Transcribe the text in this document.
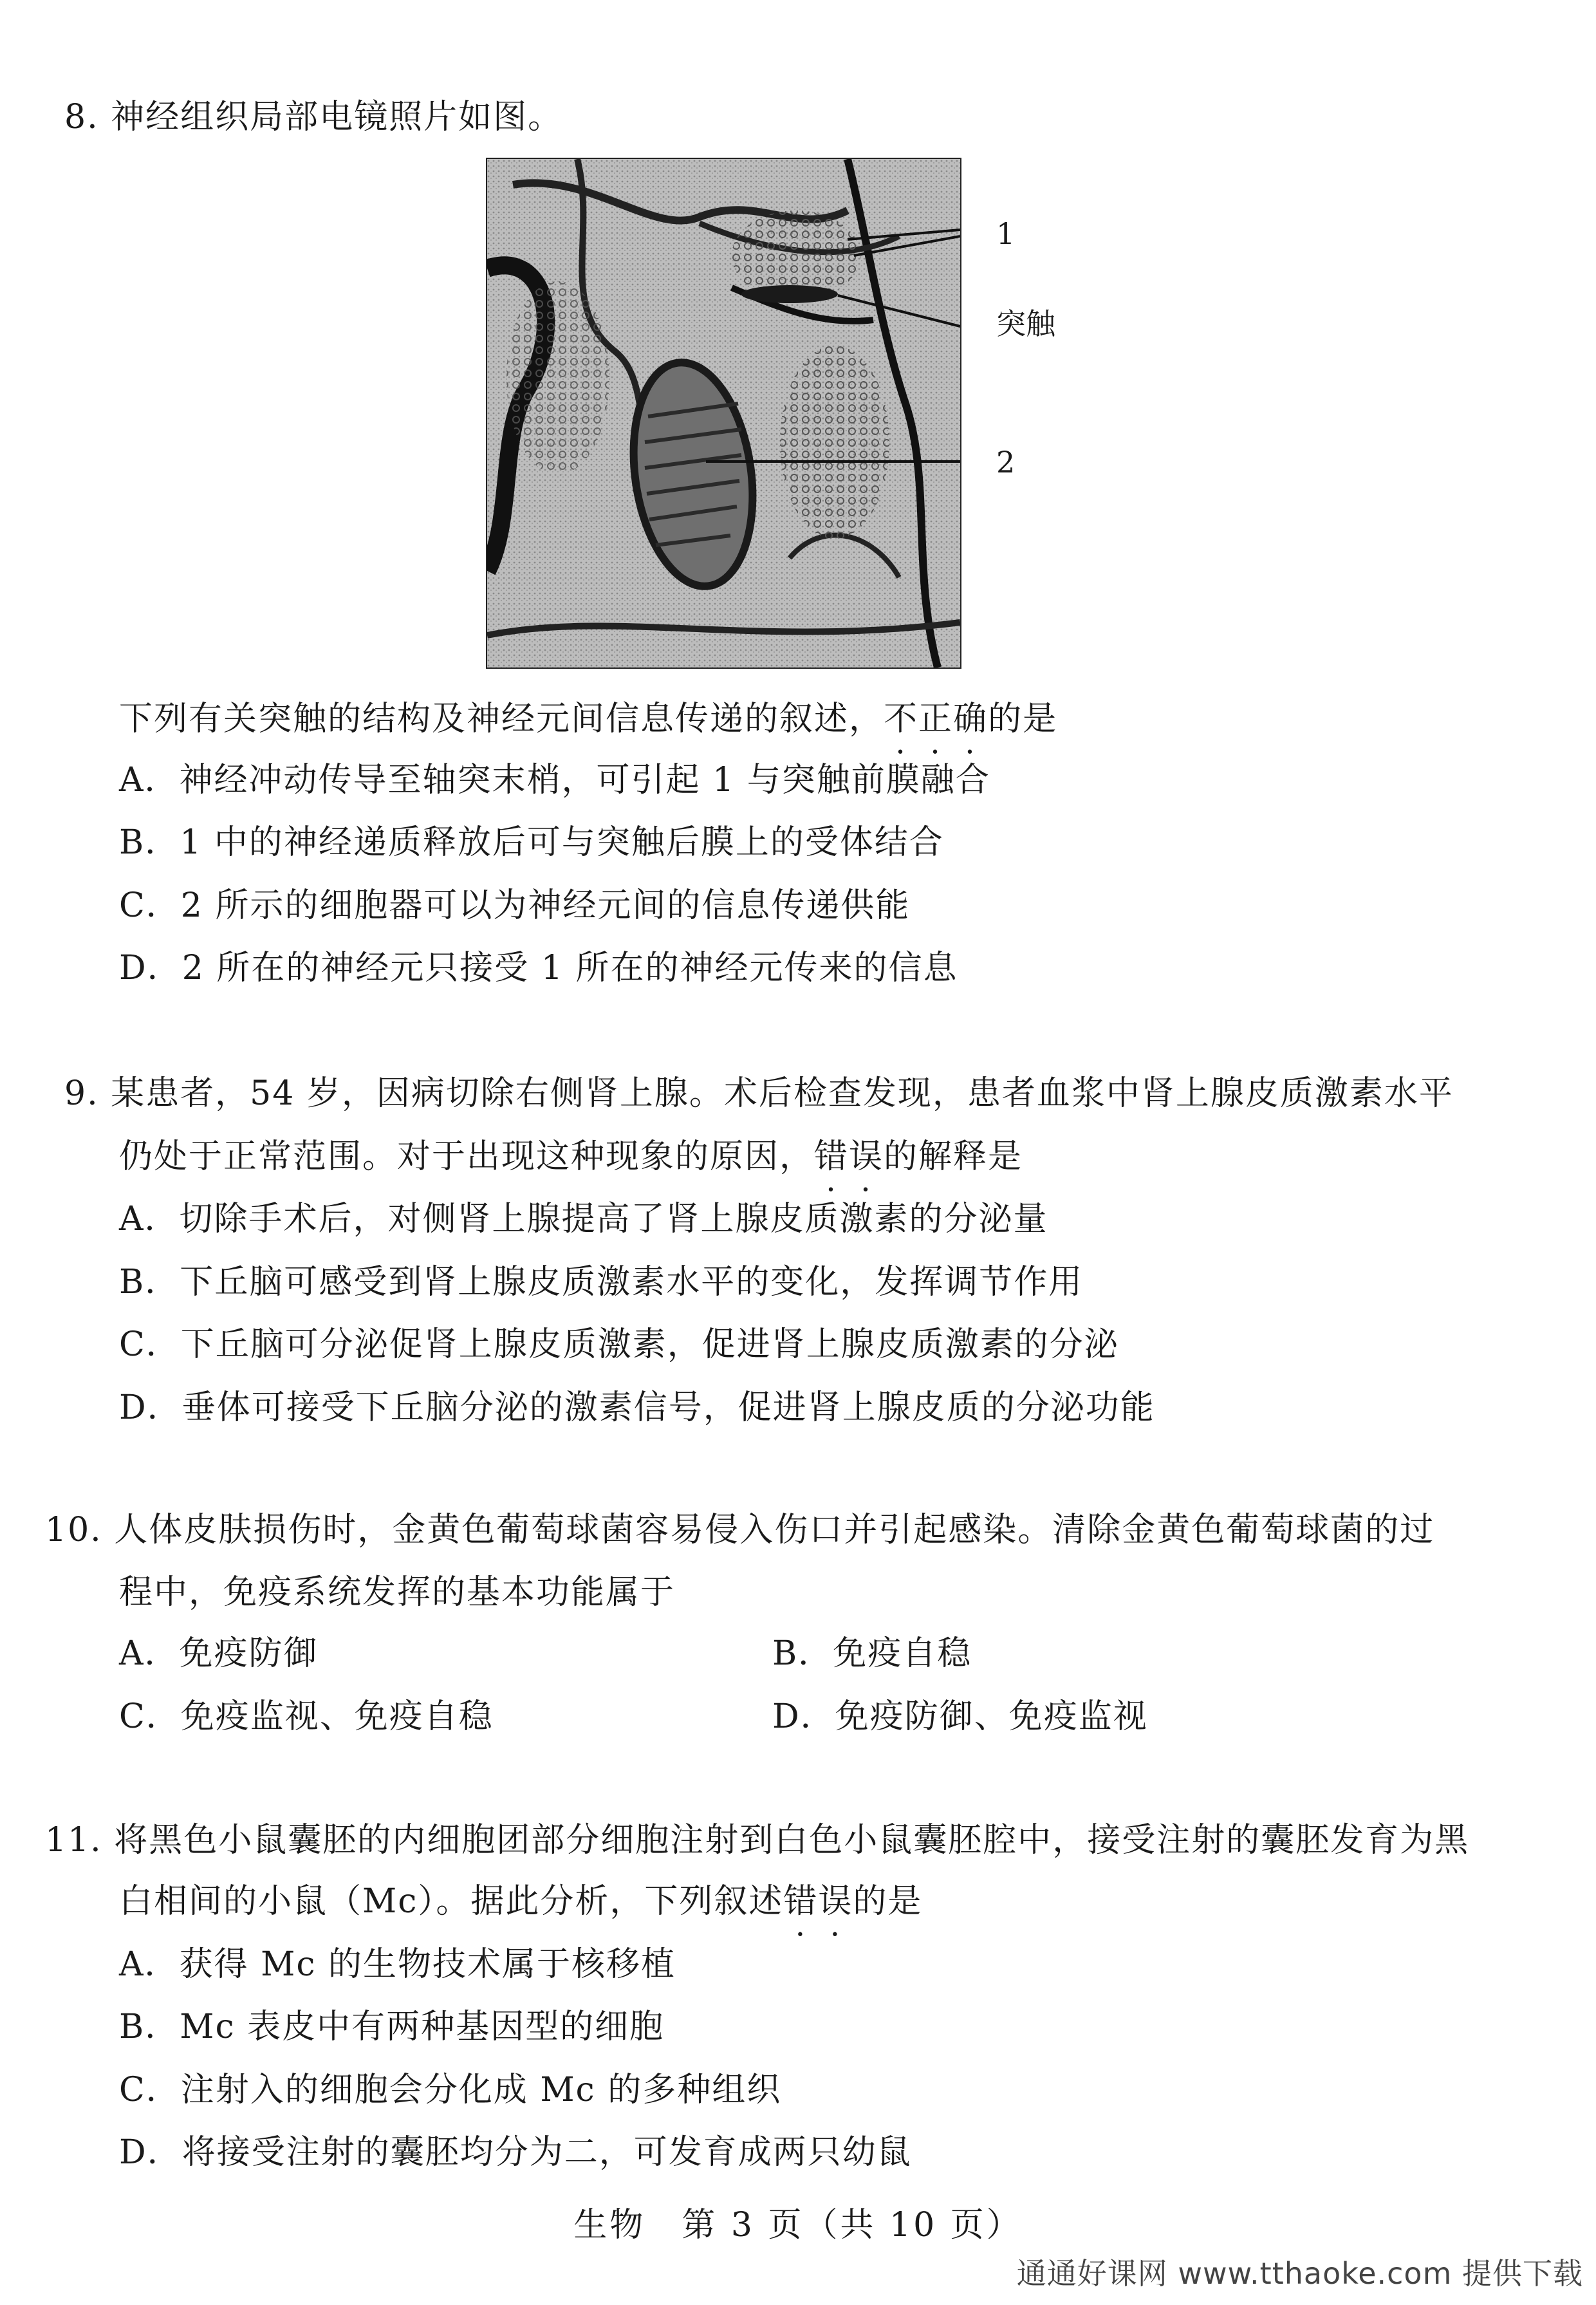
8. 神经组织局部电镜照片如图。
1
突触
2
下列有关突触的结构及神经元间信息传递的叙述，不正确的是
A．神经冲动传导至轴突末梢，可引起 1 与突触前膜融合
B．1 中的神经递质释放后可与突触后膜上的受体结合
C．2 所示的细胞器可以为神经元间的信息传递供能
D．2 所在的神经元只接受 1 所在的神经元传来的信息
9. 某患者，54 岁，因病切除右侧肾上腺。术后检查发现，患者血浆中肾上腺皮质激素水平
仍处于正常范围。对于出现这种现象的原因，错误的解释是
A．切除手术后，对侧肾上腺提高了肾上腺皮质激素的分泌量
B．下丘脑可感受到肾上腺皮质激素水平的变化，发挥调节作用
C．下丘脑可分泌促肾上腺皮质激素，促进肾上腺皮质激素的分泌
D．垂体可接受下丘脑分泌的激素信号，促进肾上腺皮质的分泌功能
10. 人体皮肤损伤时，金黄色葡萄球菌容易侵入伤口并引起感染。清除金黄色葡萄球菌的过
程中，免疫系统发挥的基本功能属于
A．免疫防御	B．免疫自稳
C．免疫监视、免疫自稳	D．免疫防御、免疫监视
11. 将黑色小鼠囊胚的内细胞团部分细胞注射到白色小鼠囊胚腔中，接受注射的囊胚发育为黑
白相间的小鼠（Mc）。据此分析，下列叙述错误的是
A．获得 Mc 的生物技术属于核移植
B．Mc 表皮中有两种基因型的细胞
C．注射入的细胞会分化成 Mc 的多种组织
D．将接受注射的囊胚均分为二，可发育成两只幼鼠
生物　第 3 页（共 10 页）
通通好课网 www.tthaoke.com 提供下载
